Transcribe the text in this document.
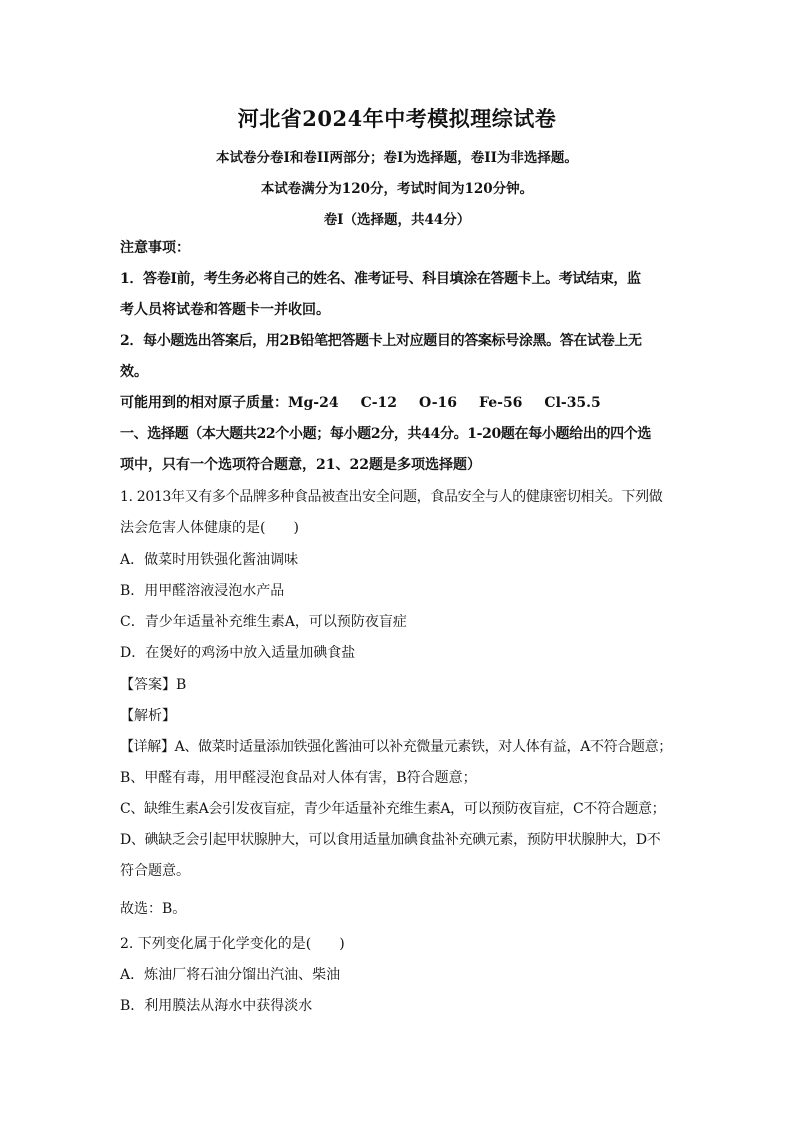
河北省2024年中考模拟理综试卷
本试卷分卷I和卷II两部分；卷I为选择题，卷II为非选择题。
本试卷满分为120分，考试时间为120分钟。
卷I（选择题，共44分）
注意事项：
1．答卷I前，考生务必将自己的姓名、准考证号、科目填涂在答题卡上。考试结束，监
考人员将试卷和答题卡一并收回。
2．每小题选出答案后，用2B铅笔把答题卡上对应题目的答案标号涂黑。答在试卷上无
效。
可能用到的相对原子质量：Mg-24 C-12 O-16 Fe-56 Cl-35.5
一、选择题（本大题共22个小题；每小题2分，共44分。1-20题在每小题给出的四个选
项中，只有一个选项符合题意，21、22题是多项选择题）
1. 2013年又有多个品牌多种食品被查出安全问题，食品安全与人的健康密切相关。下列做
法会危害人体健康的是(　　)
A．做菜时用铁强化酱油调味
B．用甲醛溶液浸泡水产品
C．青少年适量补充维生素A，可以预防夜盲症
D．在煲好的鸡汤中放入适量加碘食盐
【答案】B
【解析】
【详解】A、做菜时适量添加铁强化酱油可以补充微量元素铁，对人体有益，A不符合题意；
B、甲醛有毒，用甲醛浸泡食品对人体有害，B符合题意；
C、缺维生素A会引发夜盲症，青少年适量补充维生素A，可以预防夜盲症，C不符合题意；
D、碘缺乏会引起甲状腺肿大，可以食用适量加碘食盐补充碘元素，预防甲状腺肿大，D不
符合题意。
故选：B。
2. 下列变化属于化学变化的是(　　)
A．炼油厂将石油分馏出汽油、柴油
B．利用膜法从海水中获得淡水
